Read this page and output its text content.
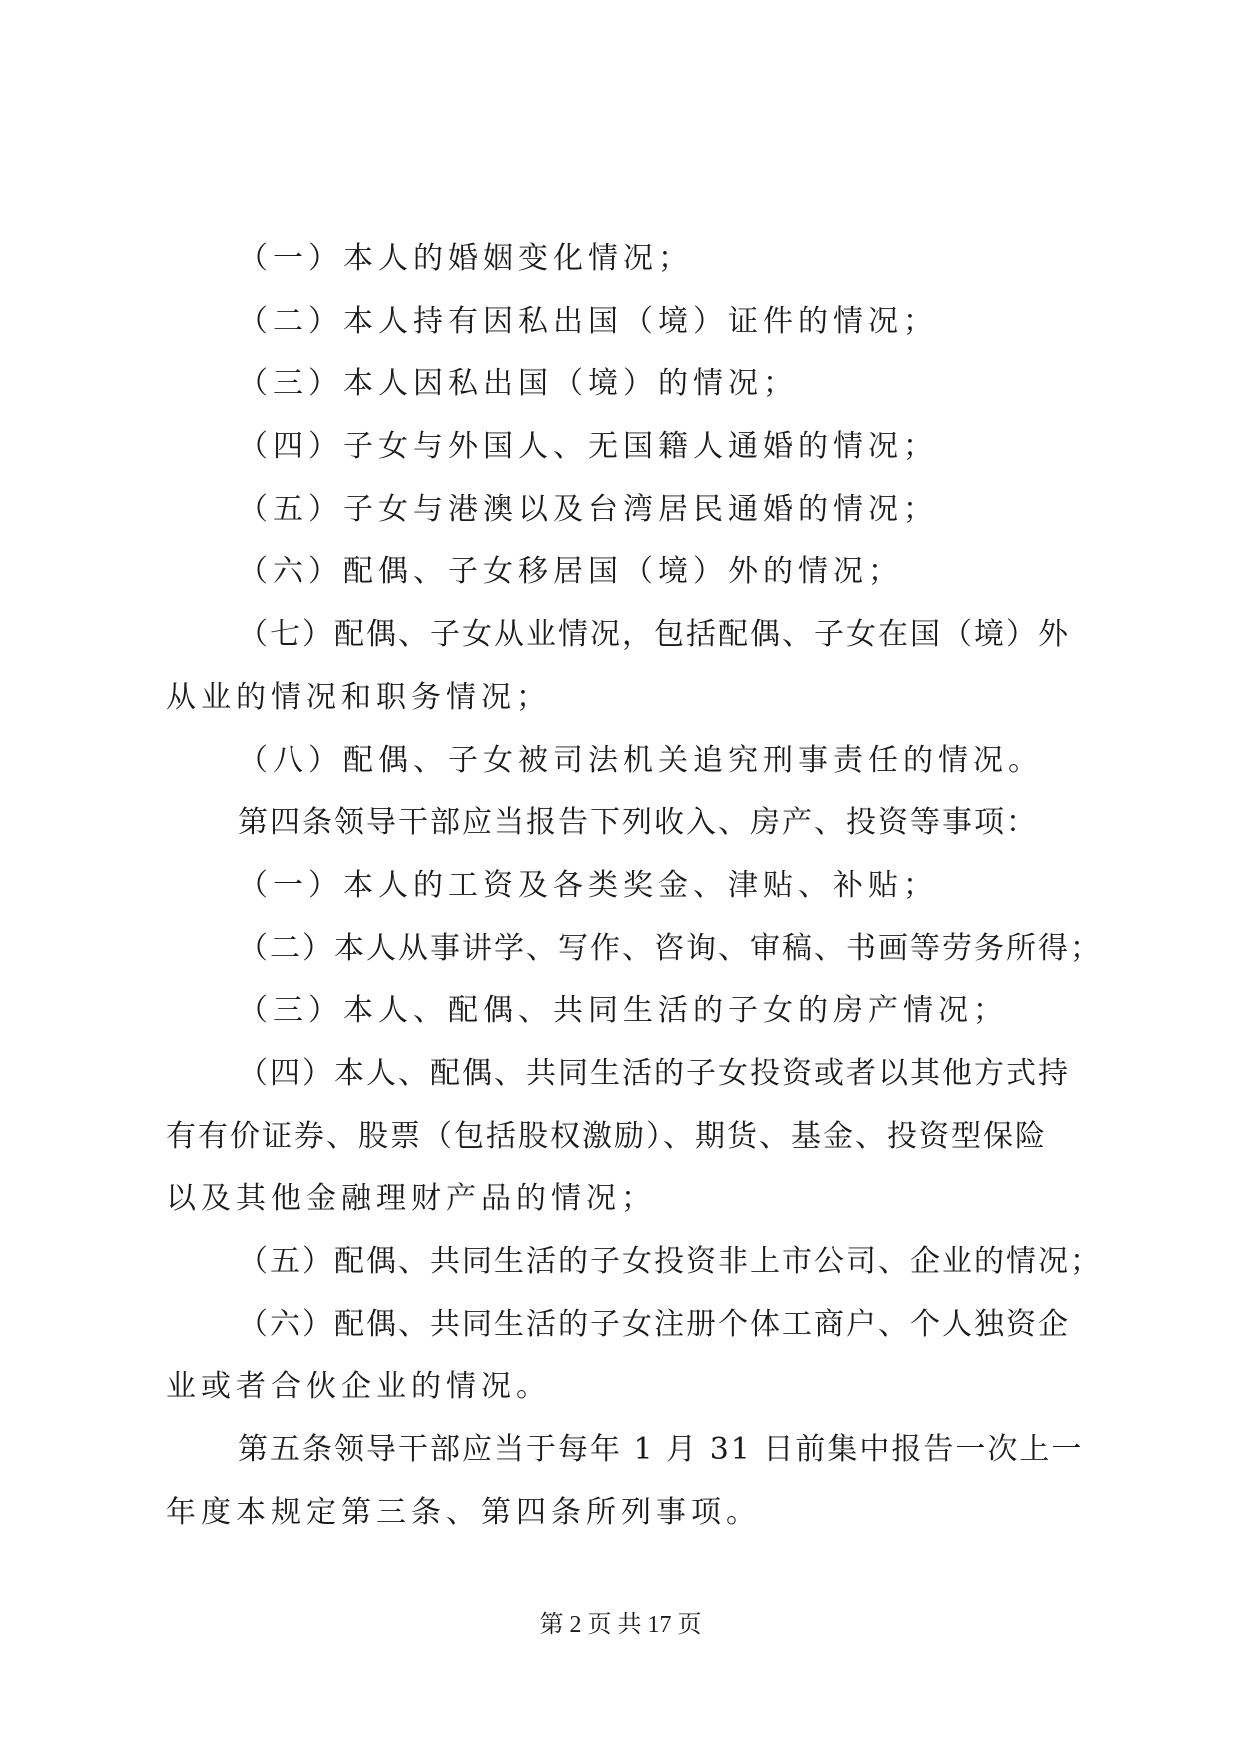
（一）本人的婚姻变化情况；
（二）本人持有因私出国（境）证件的情况；
（三）本人因私出国（境）的情况；
（四）子女与外国人、无国籍人通婚的情况；
（五）子女与港澳以及台湾居民通婚的情况；
（六）配偶、子女移居国（境）外的情况；
（七）配偶、子女从业情况，包括配偶、子女在国（境）外
从业的情况和职务情况；
（八）配偶、子女被司法机关追究刑事责任的情况。
第四条领导干部应当报告下列收入、房产、投资等事项：
（一）本人的工资及各类奖金、津贴、补贴；
（二）本人从事讲学、写作、咨询、审稿、书画等劳务所得；
（三）本人、配偶、共同生活的子女的房产情况；
（四）本人、配偶、共同生活的子女投资或者以其他方式持
有有价证券、股票（包括股权激励）、期货、基金、投资型保险
以及其他金融理财产品的情况；
（五）配偶、共同生活的子女投资非上市公司、企业的情况；
（六）配偶、共同生活的子女注册个体工商户、个人独资企
业或者合伙企业的情况。
第五条领导干部应当于每年 1 月 31 日前集中报告一次上一
年度本规定第三条、第四条所列事项。
第 2 页 共 17 页
